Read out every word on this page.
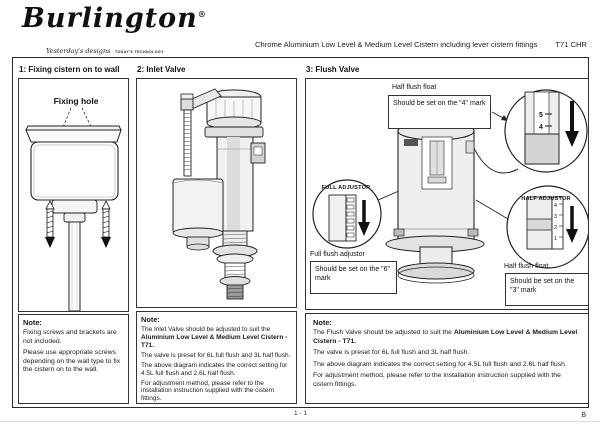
Burlington®
Yesterday's designs TODAY'S TECHNOLOGY
Chrome Aluminium Low Level & Medium Level Cistern including lever cistern fittings T71 CHR
1: Fixing cistern on to wall 2: Inlet Valve	3: Flush Valve
Fixing hole
5
4
4
3
2
1
Half flush float
Should be set on the "4" mark
FULL ADJUSTOR
HALF ADJUSTOR
Full flush adjustor
Should be set on the "6" mark
Half flush float
Should be set on the "3" mark
Note:

Fixing screws and brackets are not included.

Please use appropriate screws depending on the wall type to fix the cistern on to the wall.

Note:

The Inlet Valve should be adjusted to suit the Aluminium Low Level & Medium Level Cistern - T71.

The valve is preset for 6L full flush and 3L half flush.

The above diagram indicates the correct setting for 4.5L full flush and 2.6L half flush.

For adjustment method, please refer to the installation instruction supplied with the cistern fittings.

Note:

The Flush Valve should be adjusted to suit the Aluminium Low Level & Medium Level Cistern - T71.

The valve is preset for 6L full flush and 3L half flush.

The above diagram indicates the correct setting for 4.5L full flush and 2.6L half flush.

For adjustment method, please refer to the installation instruction supplied with the cistern fittings.

1 - 1	B
